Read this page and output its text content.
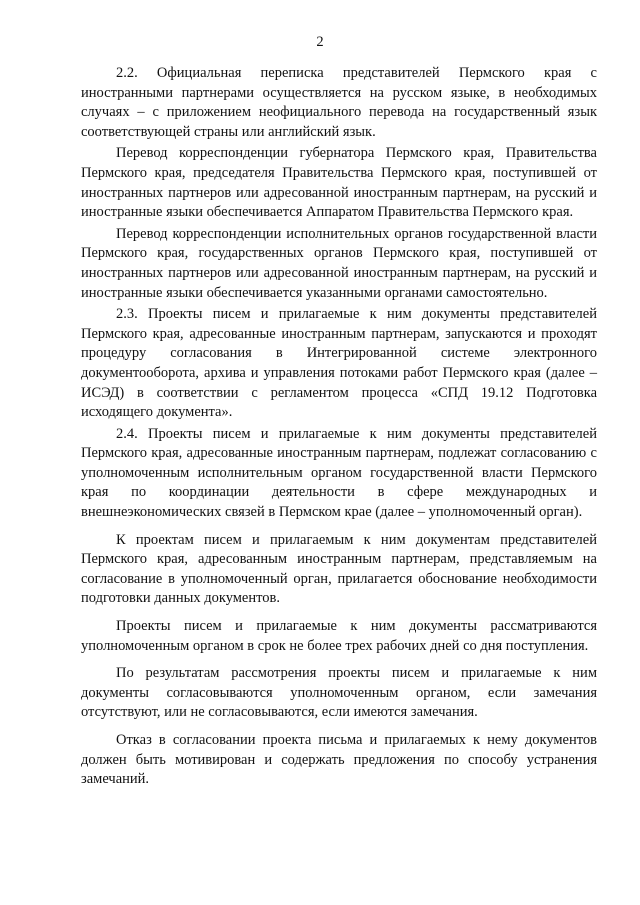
2

2.2. Официальная переписка представителей Пермского края с иностранными партнерами осуществляется на русском языке, в необходимых случаях – с приложением неофициального перевода на государственный язык соответствующей страны или английский язык.

Перевод корреспонденции губернатора Пермского края, Правительства Пермского края, председателя Правительства Пермского края, поступившей от иностранных партнеров или адресованной иностранным партнерам, на русский и иностранные языки обеспечивается Аппаратом Правительства Пермского края.

Перевод корреспонденции исполнительных органов государственной власти Пермского края, государственных органов Пермского края, поступившей от иностранных партнеров или адресованной иностранным партнерам, на русский и иностранные языки обеспечивается указанными органами самостоятельно.

2.3. Проекты писем и прилагаемые к ним документы представителей Пермского края, адресованные иностранным партнерам, запускаются и проходят процедуру согласования в Интегрированной системе электронного документооборота, архива и управления потоками работ Пермского края (далее – ИСЭД) в соответствии с регламентом процесса «СПД 19.12 Подготовка исходящего документа».

2.4. Проекты писем и прилагаемые к ним документы представителей Пермского края, адресованные иностранным партнерам, подлежат согласованию с уполномоченным исполнительным органом государственной власти Пермского края по координации деятельности в сфере международных и внешнеэкономических связей в Пермском крае (далее – уполномоченный орган).

К проектам писем и прилагаемым к ним документам представителей Пермского края, адресованным иностранным партнерам, представляемым на согласование в уполномоченный орган, прилагается обоснование необходимости подготовки данных документов.

Проекты писем и прилагаемые к ним документы рассматриваются уполномоченным органом в срок не более трех рабочих дней со дня поступления.

По результатам рассмотрения проекты писем и прилагаемые к ним документы согласовываются уполномоченным органом, если замечания отсутствуют, или не согласовываются, если имеются замечания.

Отказ в согласовании проекта письма и прилагаемых к нему документов должен быть мотивирован и содержать предложения по способу устранения замечаний.
